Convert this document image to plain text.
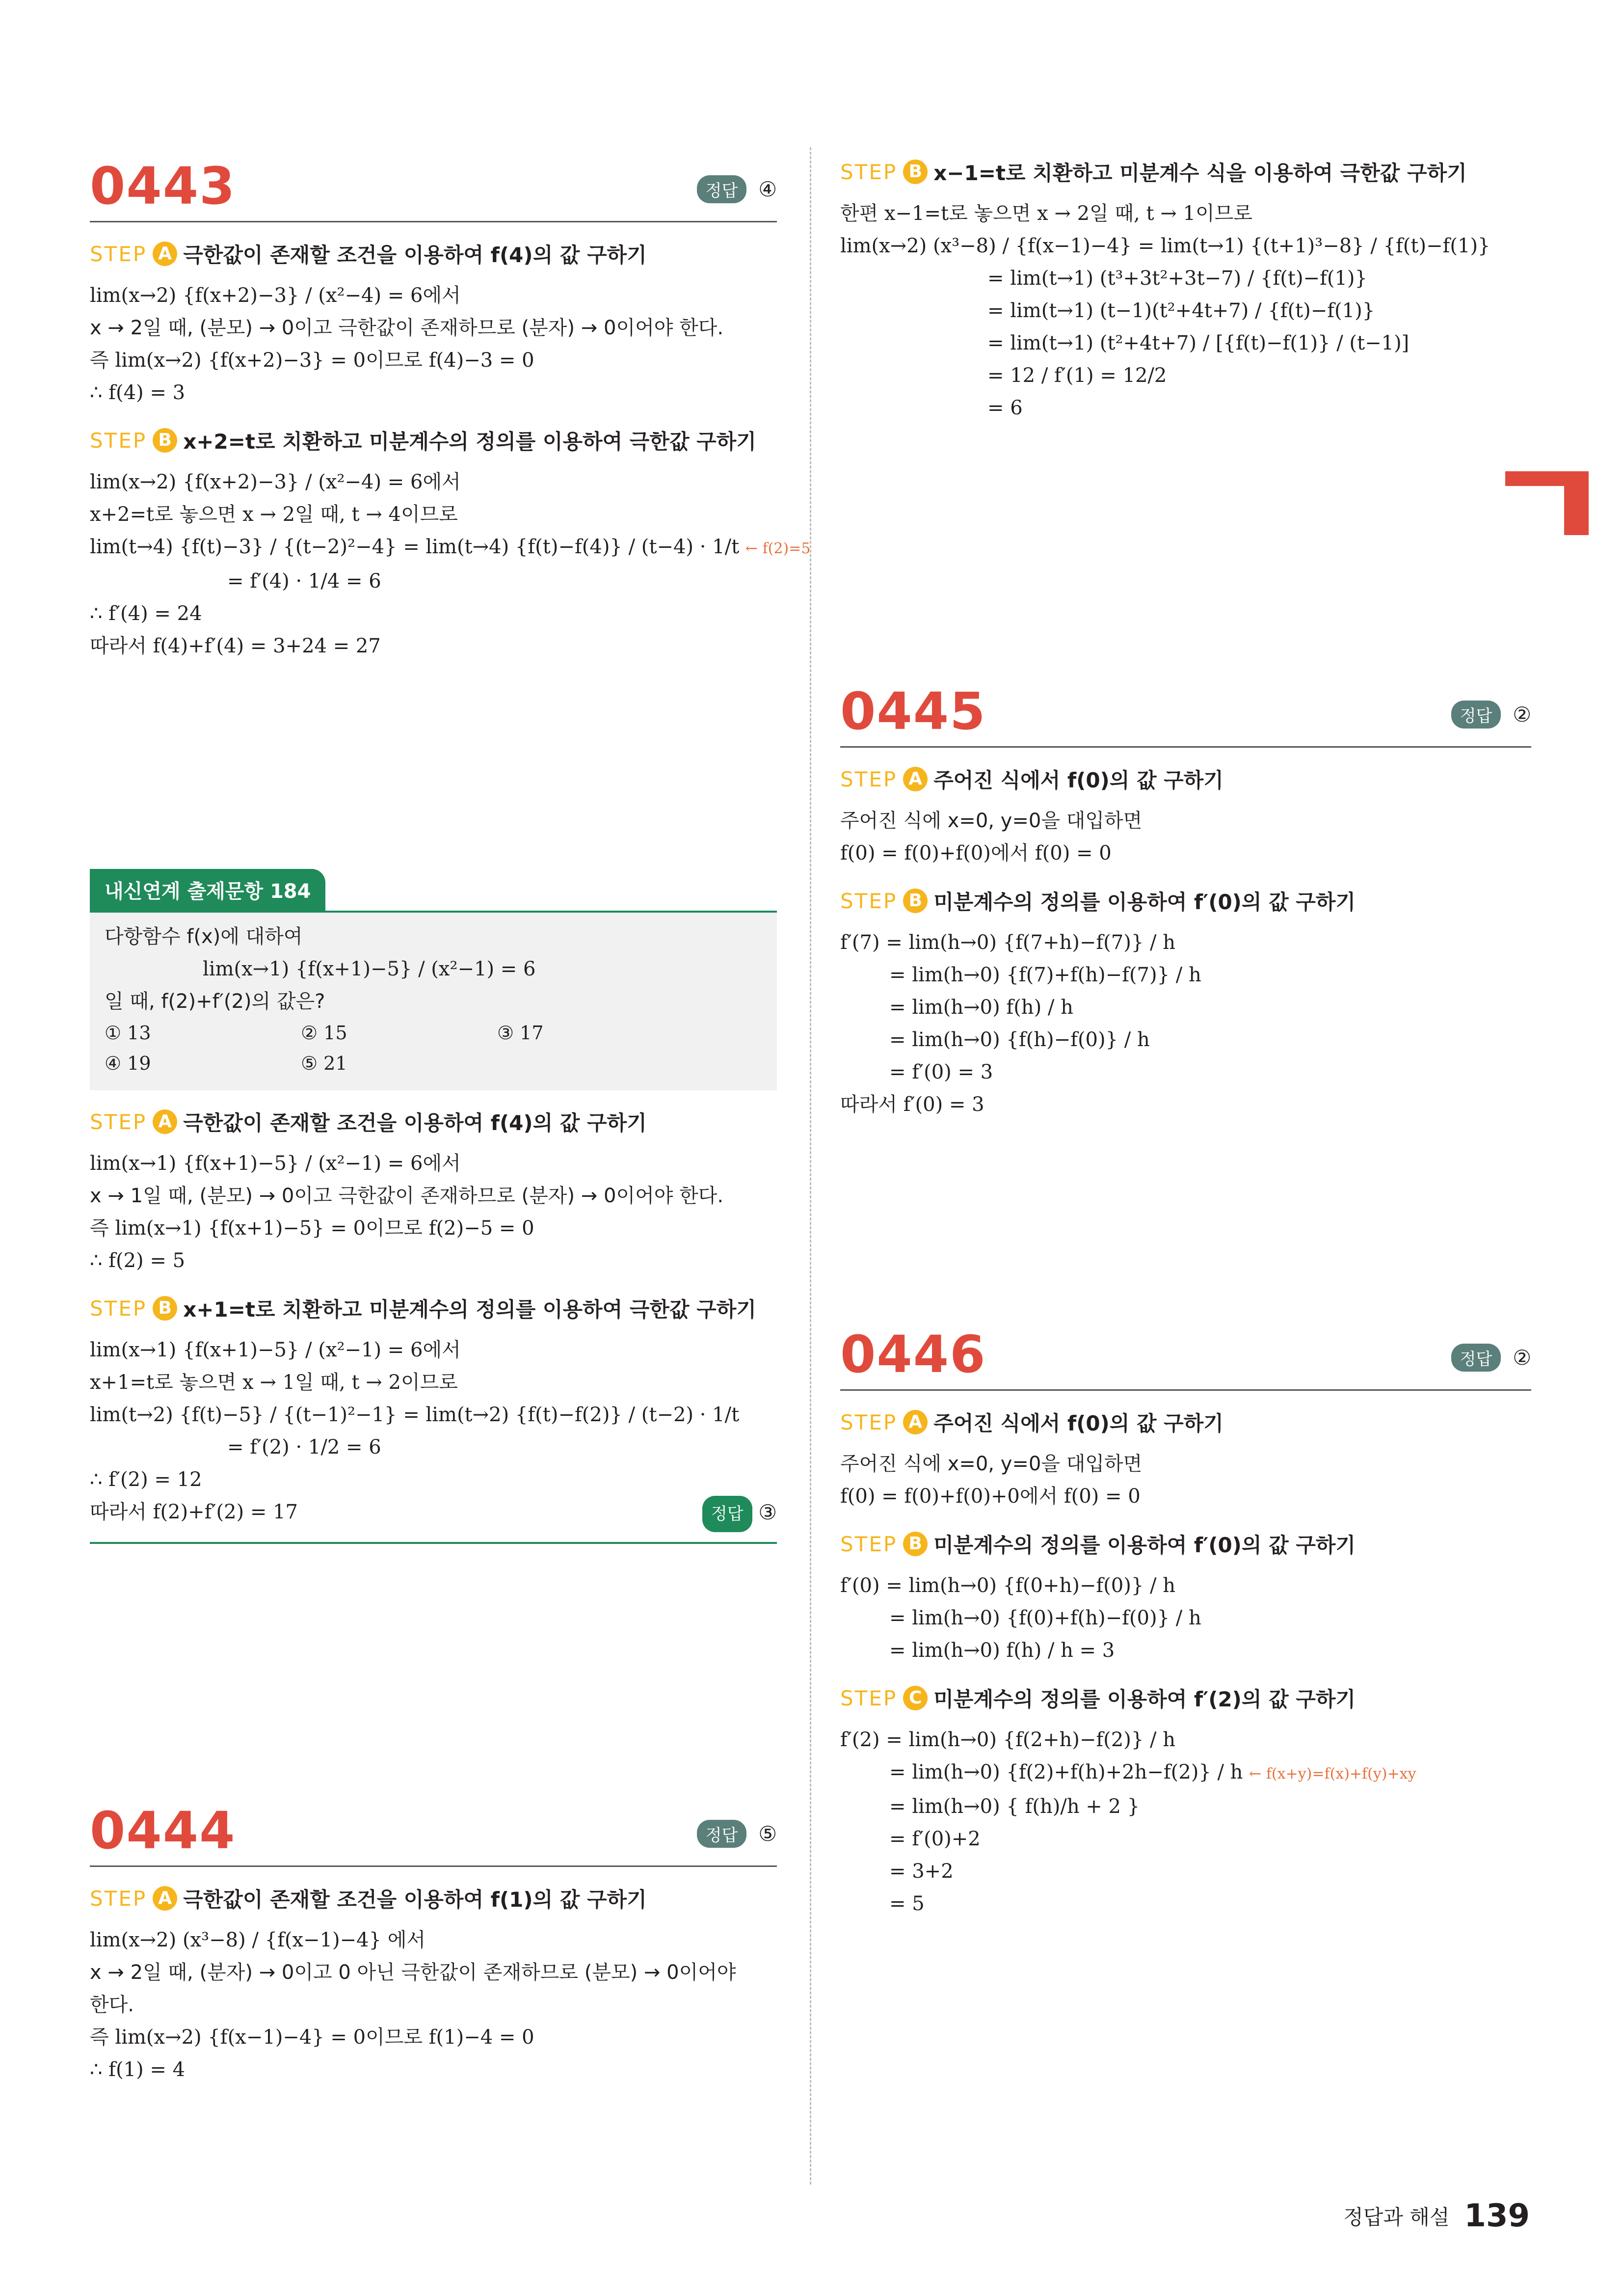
0443	정답	④
STEP A 극한값이 존재할 조건을 이용하여 f(4)의 값 구하기
lim(x→2) {f(x+2)−3} / (x²−4) = 6에서
x → 2일 때, (분모) → 0이고 극한값이 존재하므로 (분자) → 0이어야 한다.
즉 lim(x→2) {f(x+2)−3} = 0이므로 f(4)−3 = 0
∴ f(4) = 3
STEP B x+2=t로 치환하고 미분계수의 정의를 이용하여 극한값 구하기
lim(x→2) {f(x+2)−3} / (x²−4) = 6에서
x+2=t로 놓으면 x → 2일 때, t → 4이므로
lim(t→4) {f(t)−3} / {(t−2)²−4} = lim(t→4) {f(t)−f(4)} / (t−4) · 1/t ← f(2)=5
= f′(4) · 1/4 = 6
∴ f′(4) = 24
따라서 f(4)+f′(4) = 3+24 = 27
내신연계 출제문항 184
다항함수 f(x)에 대하여
lim(x→1) {f(x+1)−5} / (x²−1) = 6
일 때, f(2)+f′(2)의 값은?
① 13	② 15	③ 17
④ 19	⑤ 21
STEP A 극한값이 존재할 조건을 이용하여 f(4)의 값 구하기
lim(x→1) {f(x+1)−5} / (x²−1) = 6에서
x → 1일 때, (분모) → 0이고 극한값이 존재하므로 (분자) → 0이어야 한다.
즉 lim(x→1) {f(x+1)−5} = 0이므로 f(2)−5 = 0
∴ f(2) = 5
STEP B x+1=t로 치환하고 미분계수의 정의를 이용하여 극한값 구하기
lim(x→1) {f(x+1)−5} / (x²−1) = 6에서
x+1=t로 놓으면 x → 1일 때, t → 2이므로
lim(t→2) {f(t)−5} / {(t−1)²−1} = lim(t→2) {f(t)−f(2)} / (t−2) · 1/t
= f′(2) · 1/2 = 6
∴ f′(2) = 12
따라서 f(2)+f′(2) = 17	정답 ③
0444	정답	⑤
STEP A 극한값이 존재할 조건을 이용하여 f(1)의 값 구하기
lim(x→2) (x³−8) / {f(x−1)−4} 에서
x → 2일 때, (분자) → 0이고 0 아닌 극한값이 존재하므로 (분모) → 0이어야
한다.
즉 lim(x→2) {f(x−1)−4} = 0이므로 f(1)−4 = 0
∴ f(1) = 4
STEP B x−1=t로 치환하고 미분계수 식을 이용하여 극한값 구하기
한편 x−1=t로 놓으면 x → 2일 때, t → 1이므로
lim(x→2) (x³−8) / {f(x−1)−4} = lim(t→1) {(t+1)³−8} / {f(t)−f(1)}
= lim(t→1) (t³+3t²+3t−7) / {f(t)−f(1)}
= lim(t→1) (t−1)(t²+4t+7) / {f(t)−f(1)}
= lim(t→1) (t²+4t+7) / [{f(t)−f(1)} / (t−1)]
= 12 / f′(1) = 12/2
= 6
0445	정답	②
STEP A 주어진 식에서 f(0)의 값 구하기
주어진 식에 x=0, y=0을 대입하면
f(0) = f(0)+f(0)에서 f(0) = 0
STEP B 미분계수의 정의를 이용하여 f′(0)의 값 구하기
f′(7) = lim(h→0) {f(7+h)−f(7)} / h
= lim(h→0) {f(7)+f(h)−f(7)} / h
= lim(h→0) f(h) / h
= lim(h→0) {f(h)−f(0)} / h
= f′(0) = 3
따라서 f′(0) = 3
0446	정답	②
STEP A 주어진 식에서 f(0)의 값 구하기
주어진 식에 x=0, y=0을 대입하면
f(0) = f(0)+f(0)+0에서 f(0) = 0
STEP B 미분계수의 정의를 이용하여 f′(0)의 값 구하기
f′(0) = lim(h→0) {f(0+h)−f(0)} / h
= lim(h→0) {f(0)+f(h)−f(0)} / h
= lim(h→0) f(h) / h = 3
STEP C 미분계수의 정의를 이용하여 f′(2)의 값 구하기
f′(2) = lim(h→0) {f(2+h)−f(2)} / h
= lim(h→0) {f(2)+f(h)+2h−f(2)} / h ← f(x+y)=f(x)+f(y)+xy
= lim(h→0) { f(h)/h + 2 }
= f′(0)+2
= 3+2
= 5
정답과 해설 139
